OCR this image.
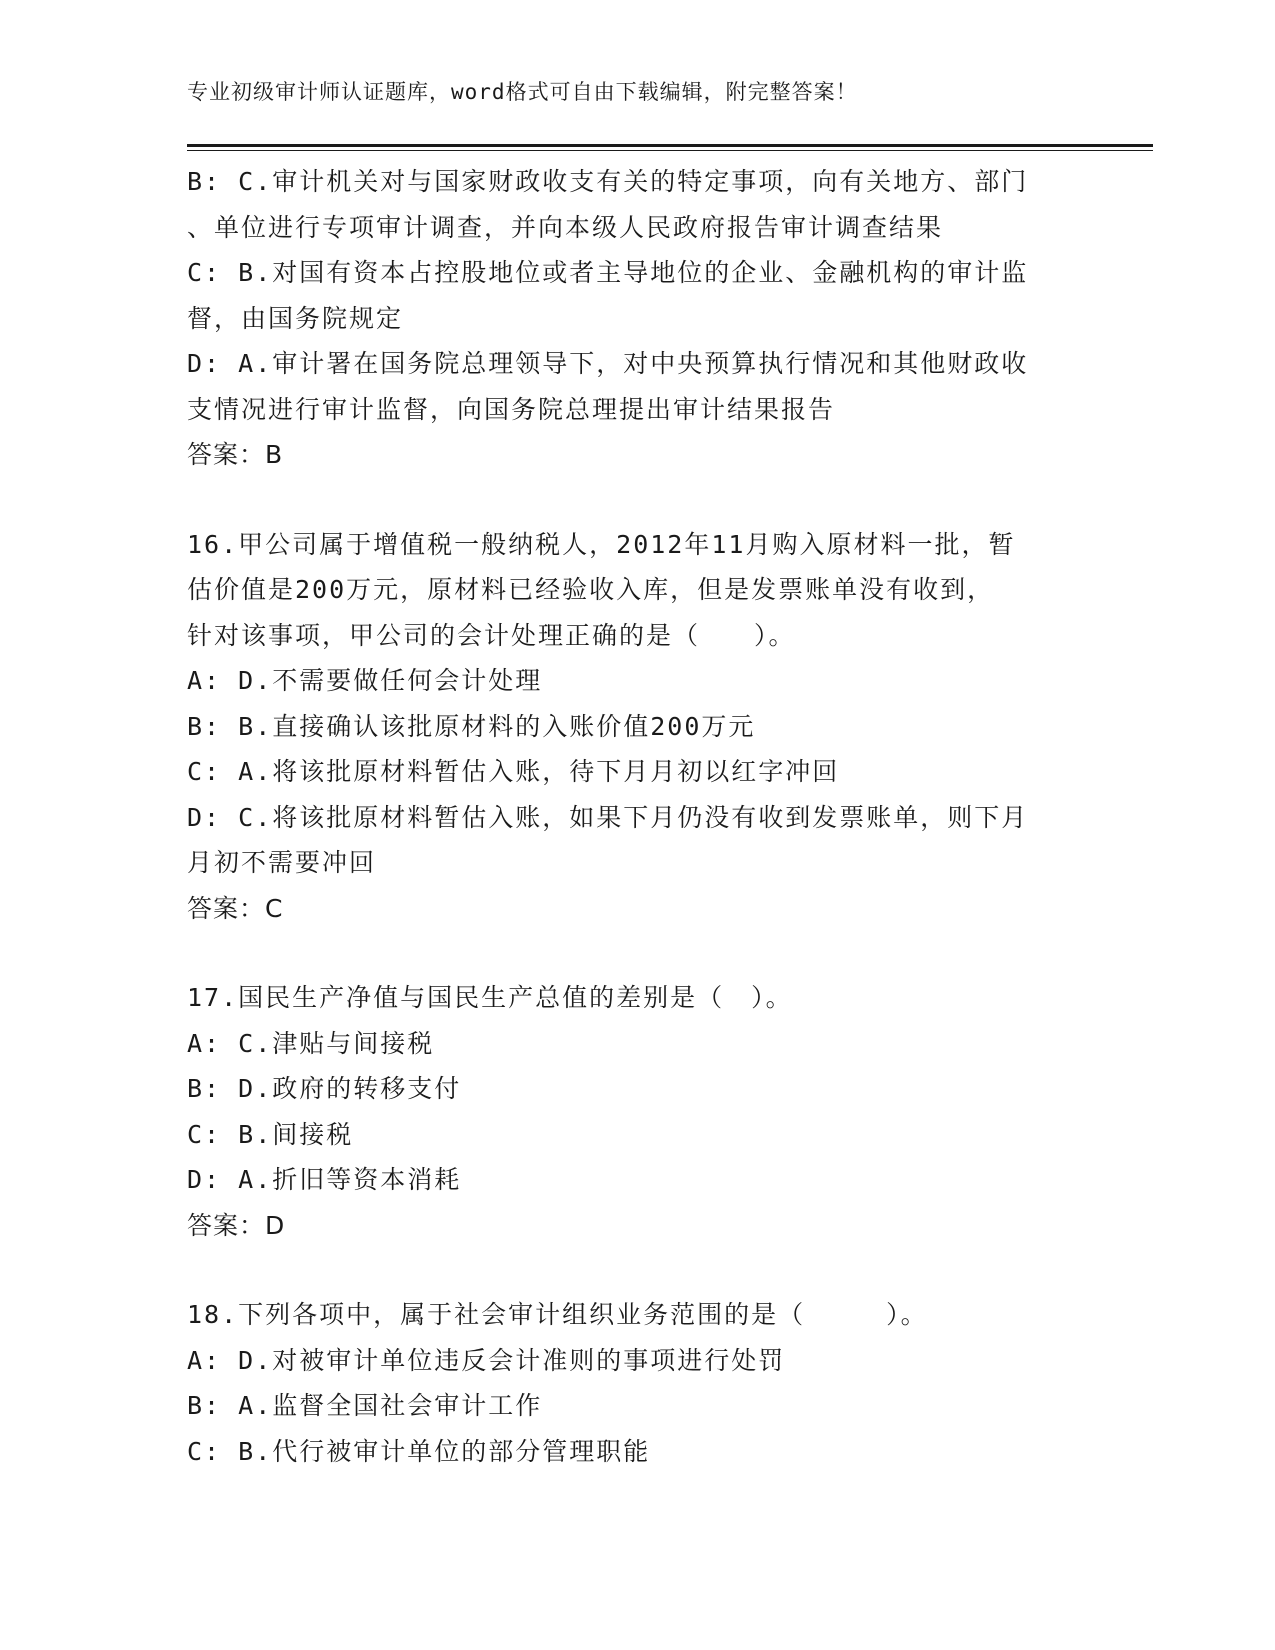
专业初级审计师认证题库，word格式可自由下载编辑，附完整答案！
B: C.审计机关对与国家财政收支有关的特定事项，向有关地方、部门
、单位进行专项审计调查，并向本级人民政府报告审计调查结果
C: B.对国有资本占控股地位或者主导地位的企业、金融机构的审计监
督，由国务院规定
D: A.审计署在国务院总理领导下，对中央预算执行情况和其他财政收
支情况进行审计监督，向国务院总理提出审计结果报告
答案：B
16.甲公司属于增值税一般纳税人，2012年11月购入原材料一批，暂
估价值是200万元，原材料已经验收入库，但是发票账单没有收到，
针对该事项，甲公司的会计处理正确的是（　　）。
A: D.不需要做任何会计处理
B: B.直接确认该批原材料的入账价值200万元
C: A.将该批原材料暂估入账，待下月月初以红字冲回
D: C.将该批原材料暂估入账，如果下月仍没有收到发票账单，则下月
月初不需要冲回
答案：C
17.国民生产净值与国民生产总值的差别是（　）。
A: C.津贴与间接税
B: D.政府的转移支付
C: B.间接税
D: A.折旧等资本消耗
答案：D
18.下列各项中，属于社会审计组织业务范围的是（　　　）。
A: D.对被审计单位违反会计准则的事项进行处罚
B: A.监督全国社会审计工作
C: B.代行被审计单位的部分管理职能
